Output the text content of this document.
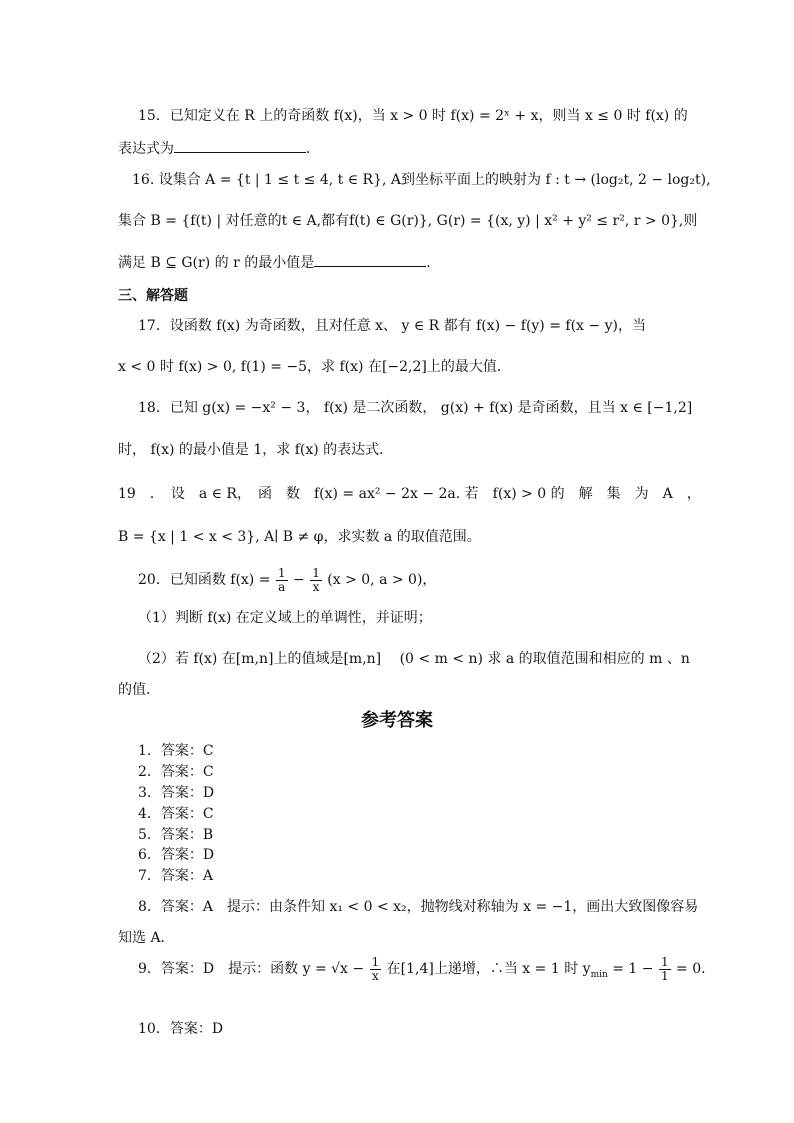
15．已知定义在 R 上的奇函数 f(x)，当 x > 0 时 f(x) = 2ˣ + x，则当 x ≤ 0 时 f(x) 的
表达式为	．
16. 设集合 A = {t | 1 ≤ t ≤ 4, t ∈ R}, A到坐标平面上的映射为 f : t → (log₂t, 2 − log₂t),
集合 B = {f(t) | 对任意的t ∈ A,都有f(t) ∈ G(r)}, G(r) = {(x, y) | x² + y² ≤ r², r > 0},则
满足 B ⊆ G(r) 的 r 的最小值是	.
三、解答题
17．设函数 f(x) 为奇函数，且对任意 x、 y ∈ R 都有 f(x) − f(y) = f(x − y)，当
x < 0 时 f(x) > 0, f(1) = −5，求 f(x) 在[−2,2]上的最大值．
18．已知 g(x) = −x² − 3， f(x) 是二次函数， g(x) + f(x) 是奇函数，且当 x ∈ [−1,2]
时， f(x) 的最小值是 1，求 f(x) 的表达式．
19　．　设　a ∈ R，　函　数　f(x) = ax² − 2x − 2a. 若　f(x) > 0 的　解　集　为　A　，
B = {x | 1 < x < 3}, A∣ B ≠ φ，求实数 a 的取值范围。
20．已知函数 $f(x) = \frac{1}{a} - \frac{1}{x} (x > 0$, a > 0)，
（1）判断 f(x) 在定义域上的单调性，并证明；
（2）若 f(x) 在[m,n]上的值域是[m,n]　 (0 < m < n) 求 a 的取值范围和相应的 m 、n
的值.
参考答案
1．答案：C
2．答案：C
3．答案：D
4．答案：C
5．答案：B
6．答案：D
7．答案：A
8．答案：A　提示：由条件知 x₁ < 0 < x₂，抛物线对称轴为 x = −1，画出大致图像容易
知选 A．
9．答案：D　提示：函数 $y = √x - \frac{1}{x}$ 在[1,4]上递增，∴当 x = 1 时 $y_{min} = 1 - \frac{1}{1} = 0$．
10．答案：D
